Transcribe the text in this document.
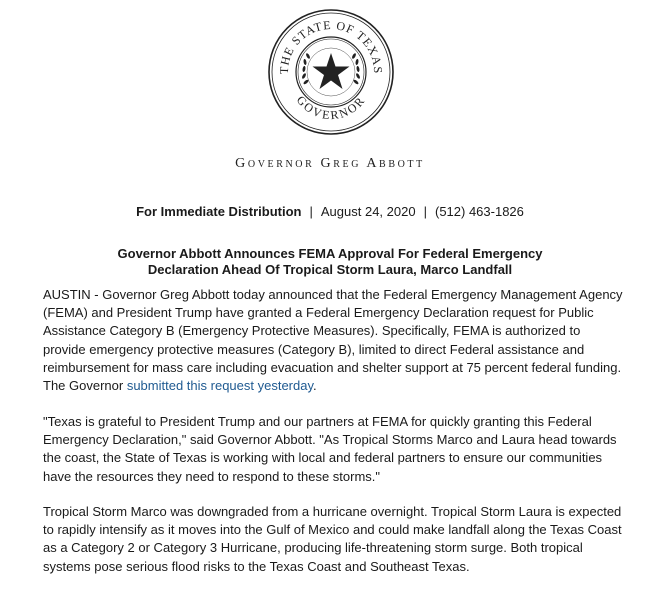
THE STATE OF TEXAS
GOVERNOR
Governor Greg Abbott
For Immediate Distribution | August 24, 2020 | (512) 463-1826
Governor Abbott Announces FEMA Approval For Federal Emergency
Declaration Ahead Of Tropical Storm Laura, Marco Landfall
AUSTIN - Governor Greg Abbott today announced that the Federal Emergency Management Agency (FEMA) and President Trump have granted a Federal Emergency Declaration request for Public Assistance Category B (Emergency Protective Measures). Specifically, FEMA is authorized to provide emergency protective measures (Category B), limited to direct Federal assistance and reimbursement for mass care including evacuation and shelter support at 75 percent federal funding. The Governor submitted this request yesterday.
"Texas is grateful to President Trump and our partners at FEMA for quickly granting this Federal Emergency Declaration," said Governor Abbott. "As Tropical Storms Marco and Laura head towards the coast, the State of Texas is working with local and federal partners to ensure our communities have the resources they need to respond to these storms."
Tropical Storm Marco was downgraded from a hurricane overnight. Tropical Storm Laura is expected to rapidly intensify as it moves into the Gulf of Mexico and could make landfall along the Texas Coast as a Category 2 or Category 3 Hurricane, producing life-threatening storm surge. Both tropical systems pose serious flood risks to the Texas Coast and Southeast Texas.
